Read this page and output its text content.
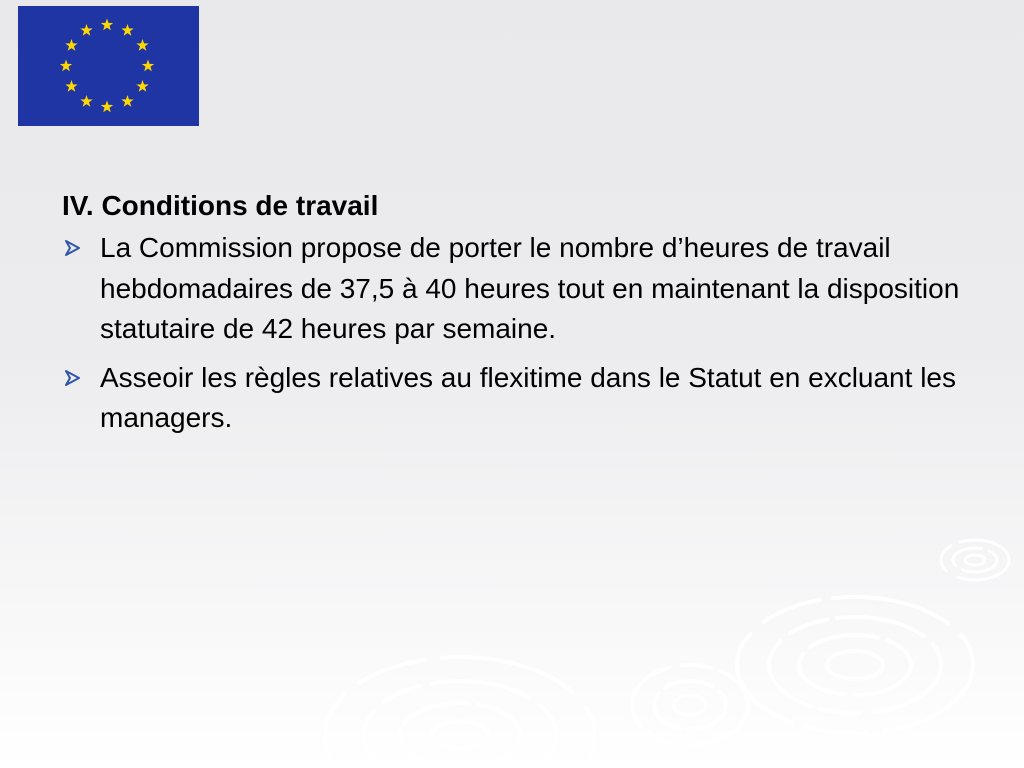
IV. Conditions de travail
La Commission propose de porter le nombre d’heures de travail hebdomadaires de 37,5 à 40 heures tout en maintenant la disposition statutaire de 42 heures par semaine.
Asseoir les règles relatives au flexitime dans le Statut en excluant les managers.
